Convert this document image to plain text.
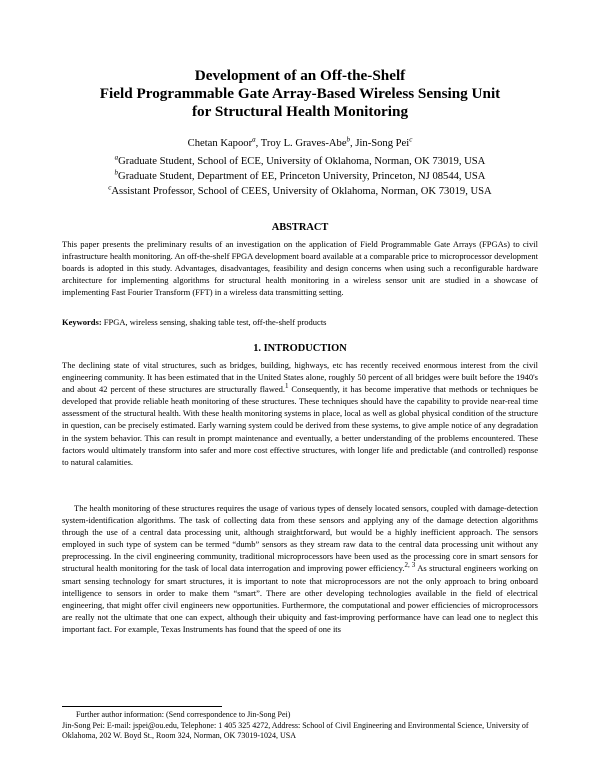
Development of an Off-the-Shelf
Field Programmable Gate Array-Based Wireless Sensing Unit
for Structural Health Monitoring
Chetan Kapoor$^a$, Troy L. Graves-Abe$^b$, Jin-Song Pei$^c$
$^a$Graduate Student, School of ECE, University of Oklahoma, Norman, OK 73019, USA
$^b$Graduate Student, Department of EE, Princeton University, Princeton, NJ 08544, USA
$^c$Assistant Professor, School of CEES, University of Oklahoma, Norman, OK 73019, USA
ABSTRACT

This paper presents the preliminary results of an investigation on the application of Field Programmable Gate Arrays (FPGAs) to civil infrastructure health monitoring. An off-the-shelf FPGA development board available at a comparable price to microprocessor development boards is adopted in this study. Advantages, disadvantages, feasibility and design concerns when using such a reconfigurable hardware architecture for implementing algorithms for structural health monitoring in a wireless sensor unit are studied in a showcase of implementing Fast Fourier Transform (FFT) in a wireless data transmitting setting.

Keywords: FPGA, wireless sensing, shaking table test, off-the-shelf products

1. INTRODUCTION

The declining state of vital structures, such as bridges, building, highways, etc has recently received enormous interest from the civil engineering community. It has been estimated that in the United States alone, roughly 50 percent of all bridges were built before the 1940's and about 42 percent of these structures are structurally flawed.$^1$ Consequently, it has become imperative that methods or techniques be developed that provide reliable heath monitoring of these structures. These techniques should have the capability to provide near-real time assessment of the structural health. With these health monitoring systems in place, local as well as global physical condition of the structure in question, can be precisely estimated. Early warning system could be derived from these systems, to give ample notice of any degradation in the system behavior. This can result in prompt maintenance and eventually, a better understanding of the problems encountered. These factors would ultimately transform into safer and more cost effective structures, with longer life and predictable (and controlled) response to natural calamities.

The health monitoring of these structures requires the usage of various types of densely located sensors, coupled with damage-detection system-identification algorithms. The task of collecting data from these sensors and applying any of the damage detection algorithms through the use of a central data processing unit, although straightforward, but would be a highly inefficient approach. The sensors employed in such type of system can be termed “dumb” sensors as they stream raw data to the central data processing unit without any preprocessing. In the civil engineering community, traditional microprocessors have been used as the processing core in smart sensors for structural health monitoring for the task of local data interrogation and improving power efficiency.$^{2, 3}$ As structural engineers working on smart sensing technology for smart structures, it is important to note that microprocessors are not the only approach to bring onboard intelligence to sensors in order to make them “smart”. There are other developing technologies available in the field of electrical engineering, that might offer civil engineers new opportunities. Furthermore, the computational and power efficiencies of microprocessors are really not the ultimate that one can expect, although their ubiquity and fast-improving performance have can lead one to neglect this important fact. For example, Texas Instruments has found that the speed of one its

Further author information: (Send correspondence to Jin-Song Pei)
Jin-Song Pei: E-mail: jspei@ou.edu, Telephone: 1 405 325 4272, Address: School of Civil Engineering and Environmental Science, University of Oklahoma, 202 W. Boyd St., Room 324, Norman, OK 73019-1024, USA
